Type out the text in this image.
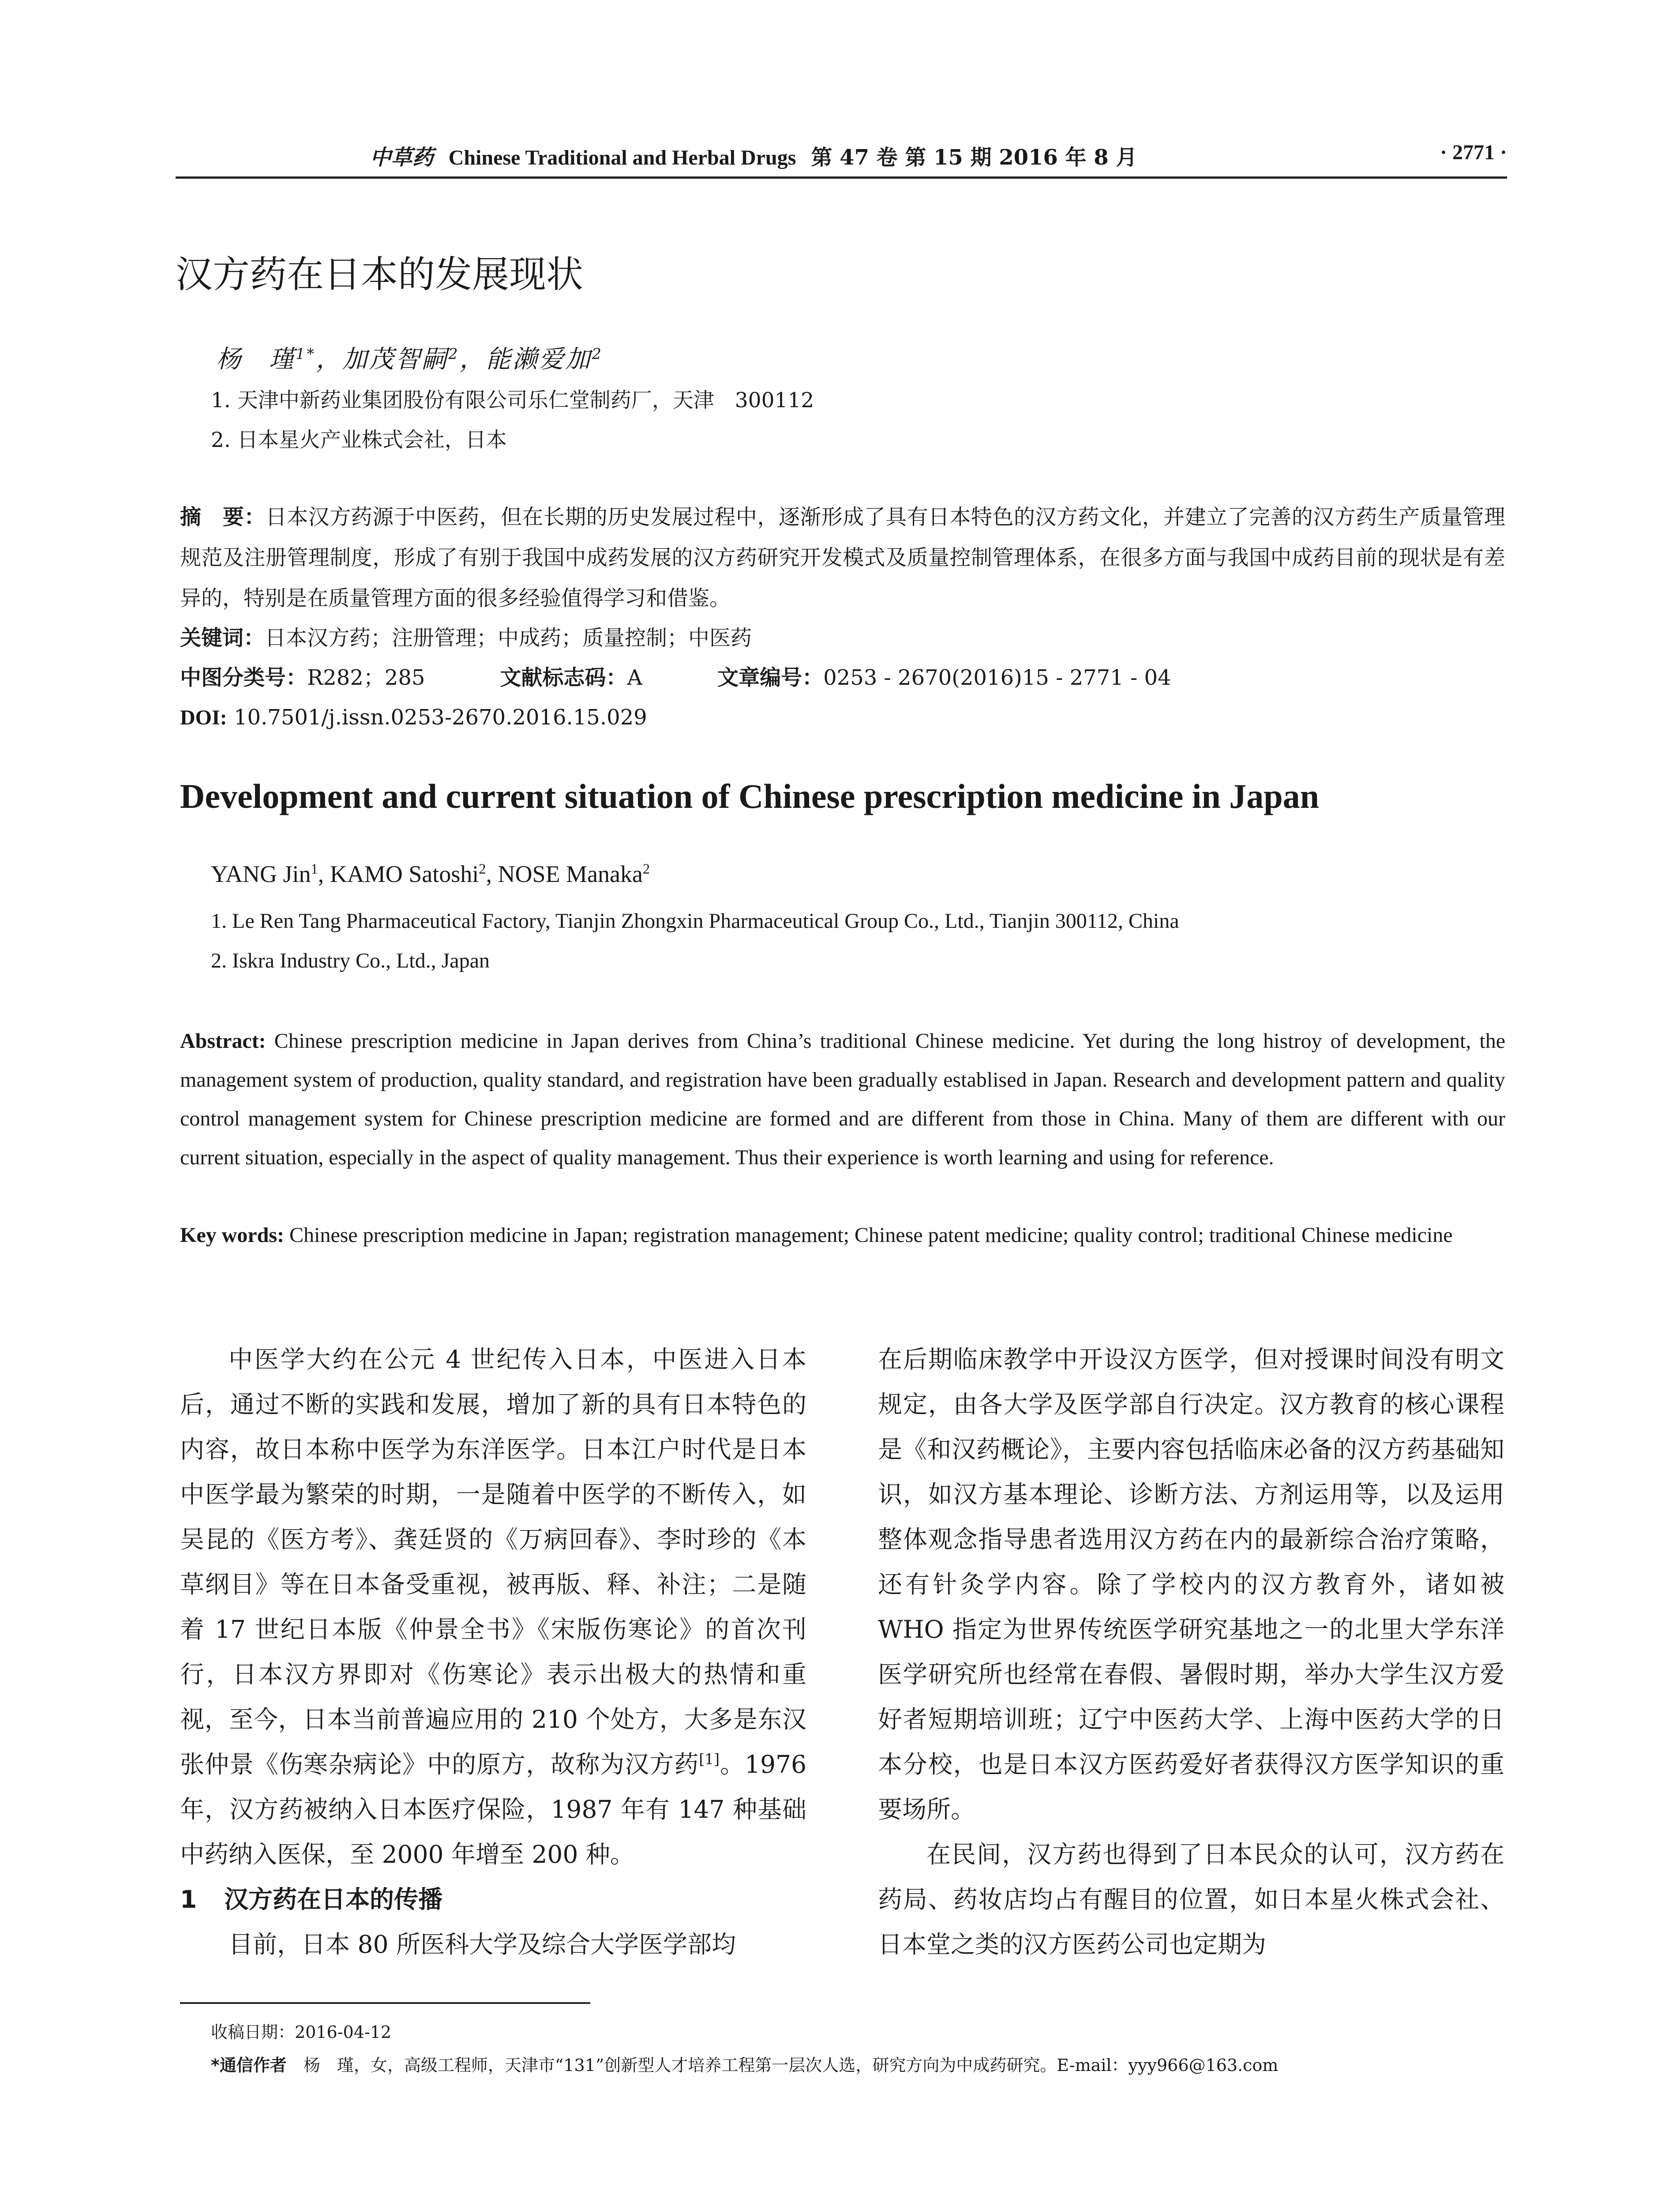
中草药 Chinese Traditional and Herbal Drugs 第 47 卷 第 15 期 2016 年 8 月	· 2771 ·
汉方药在日本的发展现状
杨　瑾$^{1*}$，加茂智嗣$^2$，能濑爱加$^2$
1. 天津中新药业集团股份有限公司乐仁堂制药厂，天津　300112
2. 日本星火产业株式会社，日本
摘　要：日本汉方药源于中医药，但在长期的历史发展过程中，逐渐形成了具有日本特色的汉方药文化，并建立了完善的汉方药生产质量管理规范及注册管理制度，形成了有别于我国中成药发展的汉方药研究开发模式及质量控制管理体系，在很多方面与我国中成药目前的现状是有差异的，特别是在质量管理方面的很多经验值得学习和借鉴。
关键词：日本汉方药；注册管理；中成药；质量控制；中医药
中图分类号：R282；285	文献标志码：A	文章编号：0253 - 2670(2016)15 - 2771 - 04
DOI: 10.7501/j.issn.0253-2670.2016.15.029
Development and current situation of Chinese prescription medicine in Japan
YANG Jin$^1$, KAMO Satoshi$^2$, NOSE Manaka$^2$
1. Le Ren Tang Pharmaceutical Factory, Tianjin Zhongxin Pharmaceutical Group Co., Ltd., Tianjin 300112, China
2. Iskra Industry Co., Ltd., Japan
Abstract: Chinese prescription medicine in Japan derives from China’s traditional Chinese medicine. Yet during the long histroy of development, the management system of production, quality standard, and registration have been gradually establised in Japan. Research and development pattern and quality control management system for Chinese prescription medicine are formed and are different from those in China. Many of them are different with our current situation, especially in the aspect of quality management. Thus their experience is worth learning and using for reference.
Key words: Chinese prescription medicine in Japan; registration management; Chinese patent medicine; quality control; traditional Chinese medicine

中医学大约在公元 4 世纪传入日本，中医进入日本后，通过不断的实践和发展，增加了新的具有日本特色的内容，故日本称中医学为东洋医学。日本江户时代是日本中医学最为繁荣的时期，一是随着中医学的不断传入，如吴昆的《医方考》、龚廷贤的《万病回春》、李时珍的《本草纲目》等在日本备受重视，被再版、释、补注；二是随着 17 世纪日本版《仲景全书》《宋版伤寒论》的首次刊行，日本汉方界即对《伤寒论》表示出极大的热情和重视，至今，日本当前普遍应用的 210 个处方，大多是东汉张仲景《伤寒杂病论》中的原方，故称为汉方药[1]。1976 年，汉方药被纳入日本医疗保险，1987 年有 147 种基础中药纳入医保，至 2000 年增至 200 种。

1 汉方药在日本的传播

目前，日本 80 所医科大学及综合大学医学部均

在后期临床教学中开设汉方医学，但对授课时间没有明文规定，由各大学及医学部自行决定。汉方教育的核心课程是《和汉药概论》，主要内容包括临床必备的汉方药基础知识，如汉方基本理论、诊断方法、方剂运用等，以及运用整体观念指导患者选用汉方药在内的最新综合治疗策略，还有针灸学内容。除了学校内的汉方教育外，诸如被 WHO 指定为世界传统医学研究基地之一的北里大学东洋医学研究所也经常在春假、暑假时期，举办大学生汉方爱好者短期培训班；辽宁中医药大学、上海中医药大学的日本分校，也是日本汉方医药爱好者获得汉方医学知识的重要场所。

在民间，汉方药也得到了日本民众的认可，汉方药在药局、药妆店均占有醒目的位置，如日本星火株式会社、日本堂之类的汉方医药公司也定期为

收稿日期：2016-04-12
*通信作者　 杨　瑾，女，高级工程师，天津市“131”创新型人才培养工程第一层次人选，研究方向为中成药研究。E-mail：yyy966@163.com
